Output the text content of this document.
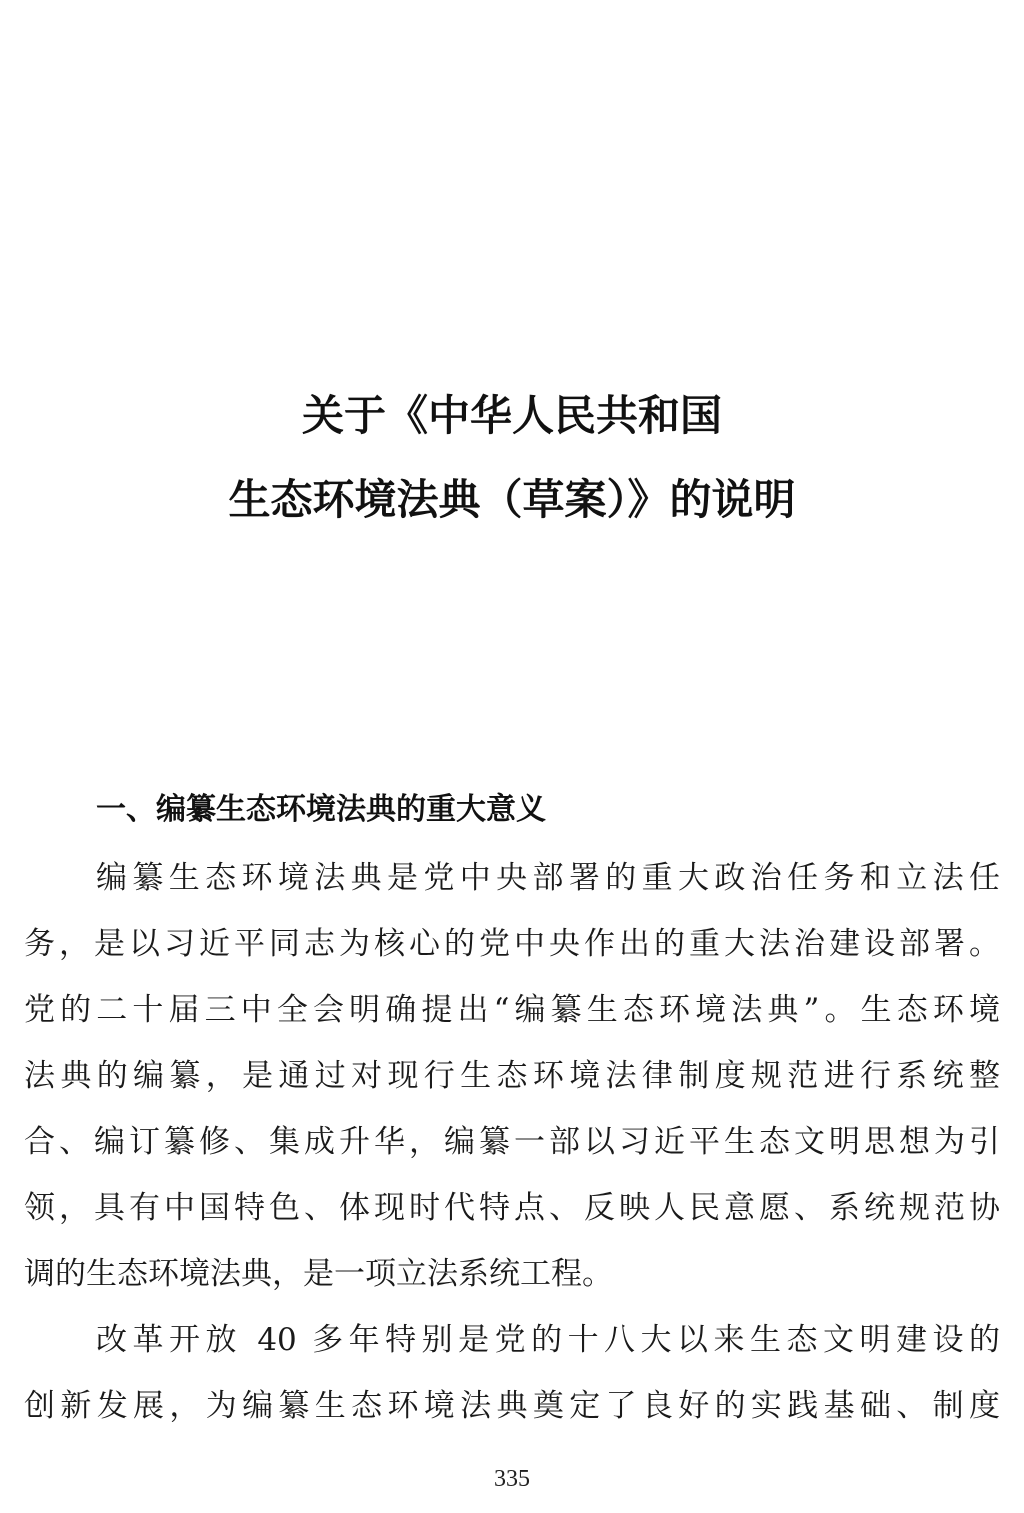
关于《中华人民共和国
生态环境法典（草案）》的说明
一、编纂生态环境法典的重大意义
编纂生态环境法典是党中央部署的重大政治任务和立法任
务，是以习近平同志为核心的党中央作出的重大法治建设部署。
党的二十届三中全会明确提出“编纂生态环境法典”。生态环境
法典的编纂，是通过对现行生态环境法律制度规范进行系统整
合、编订纂修、集成升华，编纂一部以习近平生态文明思想为引
领，具有中国特色、体现时代特点、反映人民意愿、系统规范协
调的生态环境法典，是一项立法系统工程。
改革开放 40 多年特别是党的十八大以来生态文明建设的
创新发展，为编纂生态环境法典奠定了良好的实践基础、制度
335
